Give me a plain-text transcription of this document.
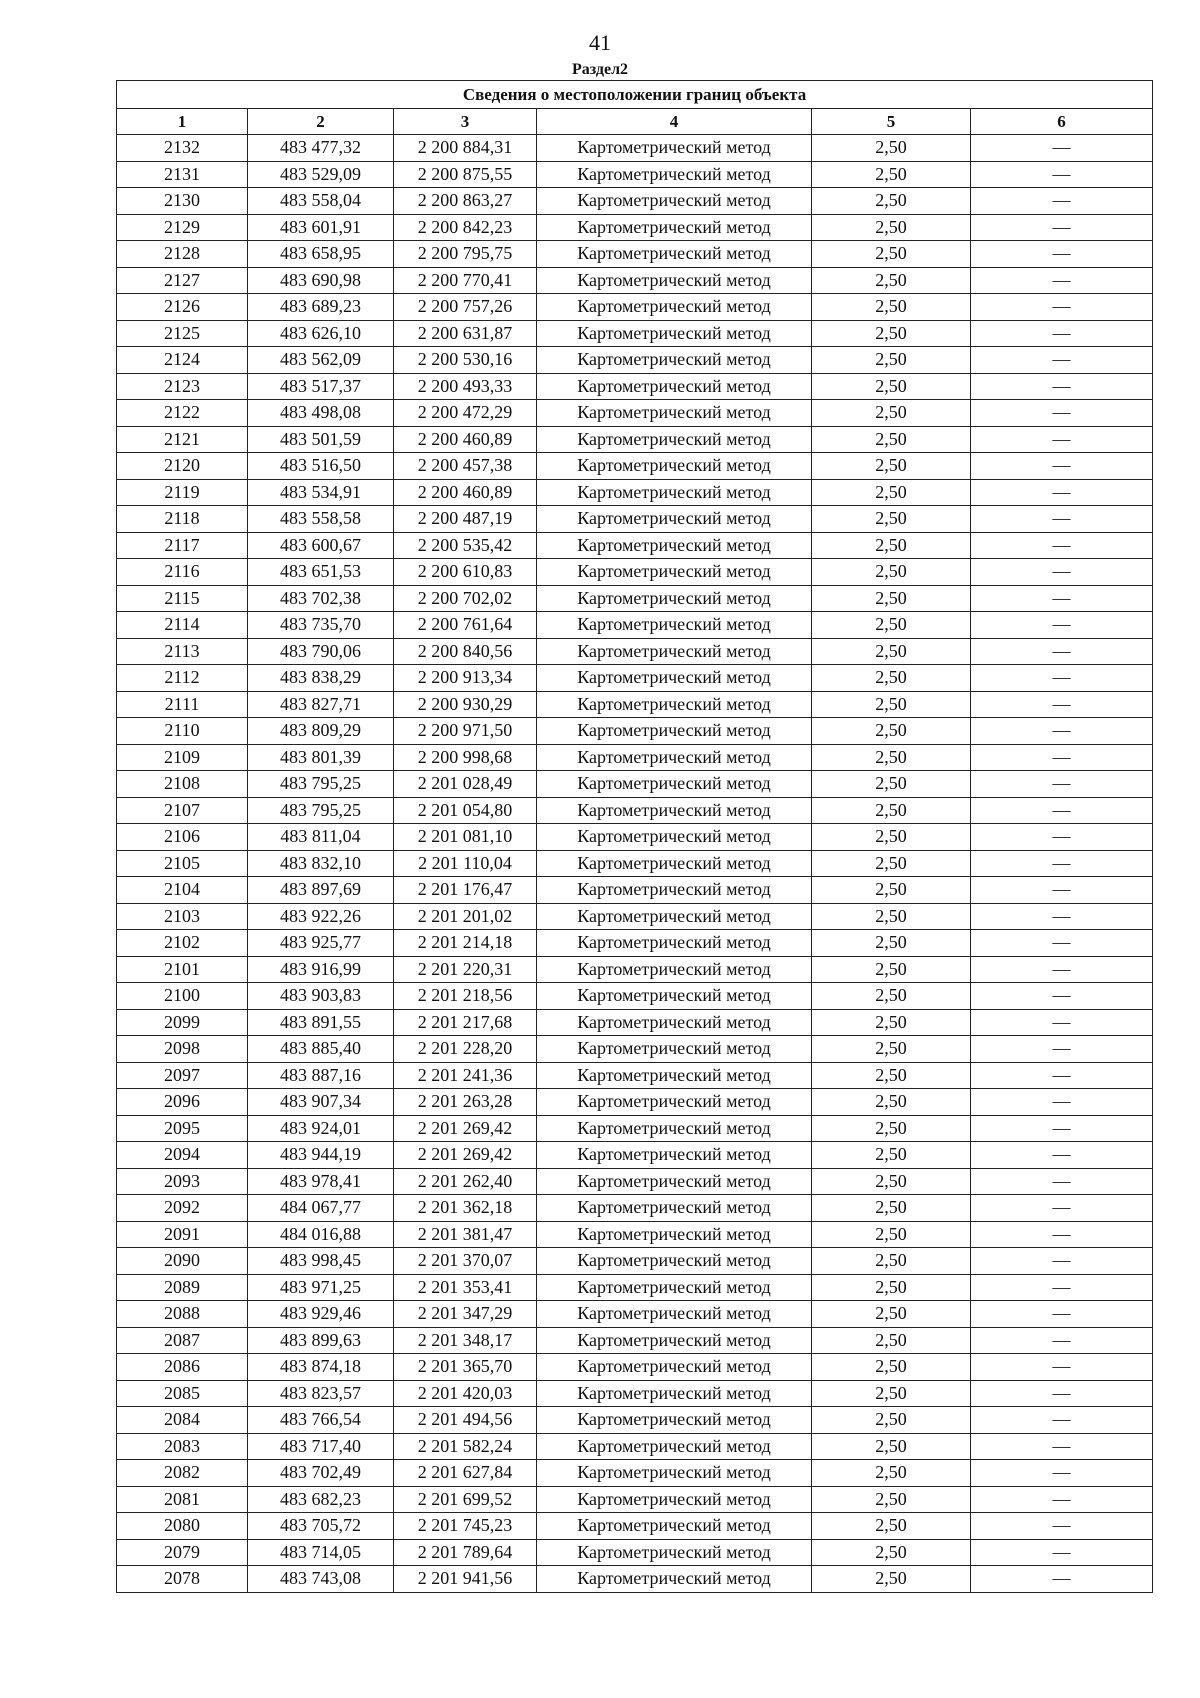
41
Раздел2
Сведения о местоположении границ объекта					
1	2	3	4	5	6
2132	483 477,32	2 200 884,31	Картометрический метод	2,50	—
2131	483 529,09	2 200 875,55	Картометрический метод	2,50	—
2130	483 558,04	2 200 863,27	Картометрический метод	2,50	—
2129	483 601,91	2 200 842,23	Картометрический метод	2,50	—
2128	483 658,95	2 200 795,75	Картометрический метод	2,50	—
2127	483 690,98	2 200 770,41	Картометрический метод	2,50	—
2126	483 689,23	2 200 757,26	Картометрический метод	2,50	—
2125	483 626,10	2 200 631,87	Картометрический метод	2,50	—
2124	483 562,09	2 200 530,16	Картометрический метод	2,50	—
2123	483 517,37	2 200 493,33	Картометрический метод	2,50	—
2122	483 498,08	2 200 472,29	Картометрический метод	2,50	—
2121	483 501,59	2 200 460,89	Картометрический метод	2,50	—
2120	483 516,50	2 200 457,38	Картометрический метод	2,50	—
2119	483 534,91	2 200 460,89	Картометрический метод	2,50	—
2118	483 558,58	2 200 487,19	Картометрический метод	2,50	—
2117	483 600,67	2 200 535,42	Картометрический метод	2,50	—
2116	483 651,53	2 200 610,83	Картометрический метод	2,50	—
2115	483 702,38	2 200 702,02	Картометрический метод	2,50	—
2114	483 735,70	2 200 761,64	Картометрический метод	2,50	—
2113	483 790,06	2 200 840,56	Картометрический метод	2,50	—
2112	483 838,29	2 200 913,34	Картометрический метод	2,50	—
2111	483 827,71	2 200 930,29	Картометрический метод	2,50	—
2110	483 809,29	2 200 971,50	Картометрический метод	2,50	—
2109	483 801,39	2 200 998,68	Картометрический метод	2,50	—
2108	483 795,25	2 201 028,49	Картометрический метод	2,50	—
2107	483 795,25	2 201 054,80	Картометрический метод	2,50	—
2106	483 811,04	2 201 081,10	Картометрический метод	2,50	—
2105	483 832,10	2 201 110,04	Картометрический метод	2,50	—
2104	483 897,69	2 201 176,47	Картометрический метод	2,50	—
2103	483 922,26	2 201 201,02	Картометрический метод	2,50	—
2102	483 925,77	2 201 214,18	Картометрический метод	2,50	—
2101	483 916,99	2 201 220,31	Картометрический метод	2,50	—
2100	483 903,83	2 201 218,56	Картометрический метод	2,50	—
2099	483 891,55	2 201 217,68	Картометрический метод	2,50	—
2098	483 885,40	2 201 228,20	Картометрический метод	2,50	—
2097	483 887,16	2 201 241,36	Картометрический метод	2,50	—
2096	483 907,34	2 201 263,28	Картометрический метод	2,50	—
2095	483 924,01	2 201 269,42	Картометрический метод	2,50	—
2094	483 944,19	2 201 269,42	Картометрический метод	2,50	—
2093	483 978,41	2 201 262,40	Картометрический метод	2,50	—
2092	484 067,77	2 201 362,18	Картометрический метод	2,50	—
2091	484 016,88	2 201 381,47	Картометрический метод	2,50	—
2090	483 998,45	2 201 370,07	Картометрический метод	2,50	—
2089	483 971,25	2 201 353,41	Картометрический метод	2,50	—
2088	483 929,46	2 201 347,29	Картометрический метод	2,50	—
2087	483 899,63	2 201 348,17	Картометрический метод	2,50	—
2086	483 874,18	2 201 365,70	Картометрический метод	2,50	—
2085	483 823,57	2 201 420,03	Картометрический метод	2,50	—
2084	483 766,54	2 201 494,56	Картометрический метод	2,50	—
2083	483 717,40	2 201 582,24	Картометрический метод	2,50	—
2082	483 702,49	2 201 627,84	Картометрический метод	2,50	—
2081	483 682,23	2 201 699,52	Картометрический метод	2,50	—
2080	483 705,72	2 201 745,23	Картометрический метод	2,50	—
2079	483 714,05	2 201 789,64	Картометрический метод	2,50	—
2078	483 743,08	2 201 941,56	Картометрический метод	2,50	—
